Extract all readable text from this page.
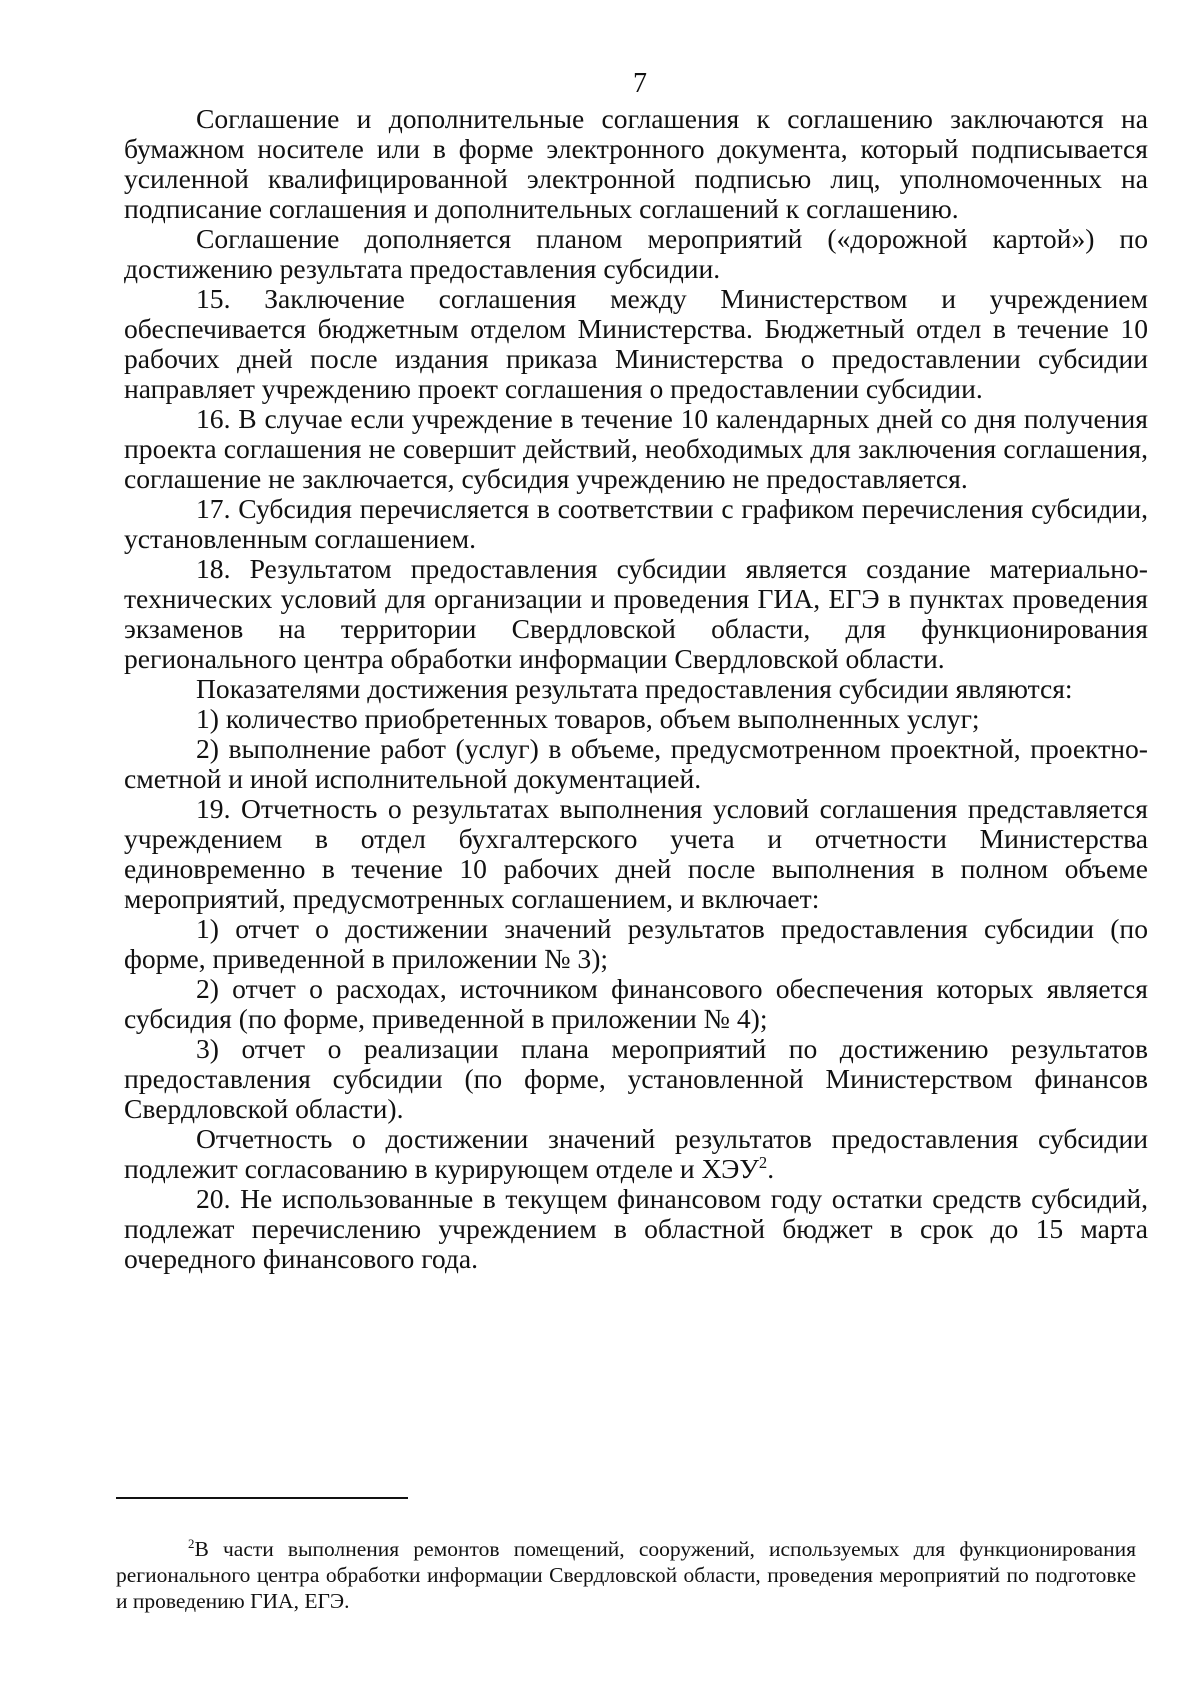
7

Соглашение и дополнительные соглашения к соглашению заключаются на бумажном носителе или в форме электронного документа, который подписывается усиленной квалифицированной электронной подписью лиц, уполномоченных на подписание соглашения и дополнительных соглашений к соглашению.

Соглашение дополняется планом мероприятий («дорожной картой») по достижению результата предоставления субсидии.

15. Заключение соглашения между Министерством и учреждением обеспечивается бюджетным отделом Министерства. Бюджетный отдел в течение 10 рабочих дней после издания приказа Министерства о предоставлении субсидии направляет учреждению проект соглашения о предоставлении субсидии.

16. В случае если учреждение в течение 10 календарных дней со дня получения проекта соглашения не совершит действий, необходимых для заключения соглашения, соглашение не заключается, субсидия учреждению не предоставляется.

17. Субсидия перечисляется в соответствии с графиком перечисления субсидии, установленным соглашением.

18. Результатом предоставления субсидии является создание материально-технических условий для организации и проведения ГИА, ЕГЭ в пунктах проведения экзаменов на территории Свердловской области, для функционирования регионального центра обработки информации Свердловской области.

Показателями достижения результата предоставления субсидии являются:

1) количество приобретенных товаров, объем выполненных услуг;

2) выполнение работ (услуг) в объеме, предусмотренном проектной, проектно-сметной и иной исполнительной документацией.

19. Отчетность о результатах выполнения условий соглашения представляется учреждением в отдел бухгалтерского учета и отчетности Министерства единовременно в течение 10 рабочих дней после выполнения в полном объеме мероприятий, предусмотренных соглашением, и включает:

1) отчет о достижении значений результатов предоставления субсидии (по форме, приведенной в приложении № 3);

2) отчет о расходах, источником финансового обеспечения которых является субсидия (по форме, приведенной в приложении № 4);

3) отчет о реализации плана мероприятий по достижению результатов предоставления субсидии (по форме, установленной Министерством финансов Свердловской области).

Отчетность о достижении значений результатов предоставления субсидии подлежит согласованию в курирующем отделе и ХЭУ$^2$.

20. Не использованные в текущем финансовом году остатки средств субсидий, подлежат перечислению учреждением в областной бюджет в срок до 15 марта очередного финансового года.

$^2$В части выполнения ремонтов помещений, сооружений, используемых для функционирования регионального центра обработки информации Свердловской области, проведения мероприятий по подготовке и проведению ГИА, ЕГЭ.
